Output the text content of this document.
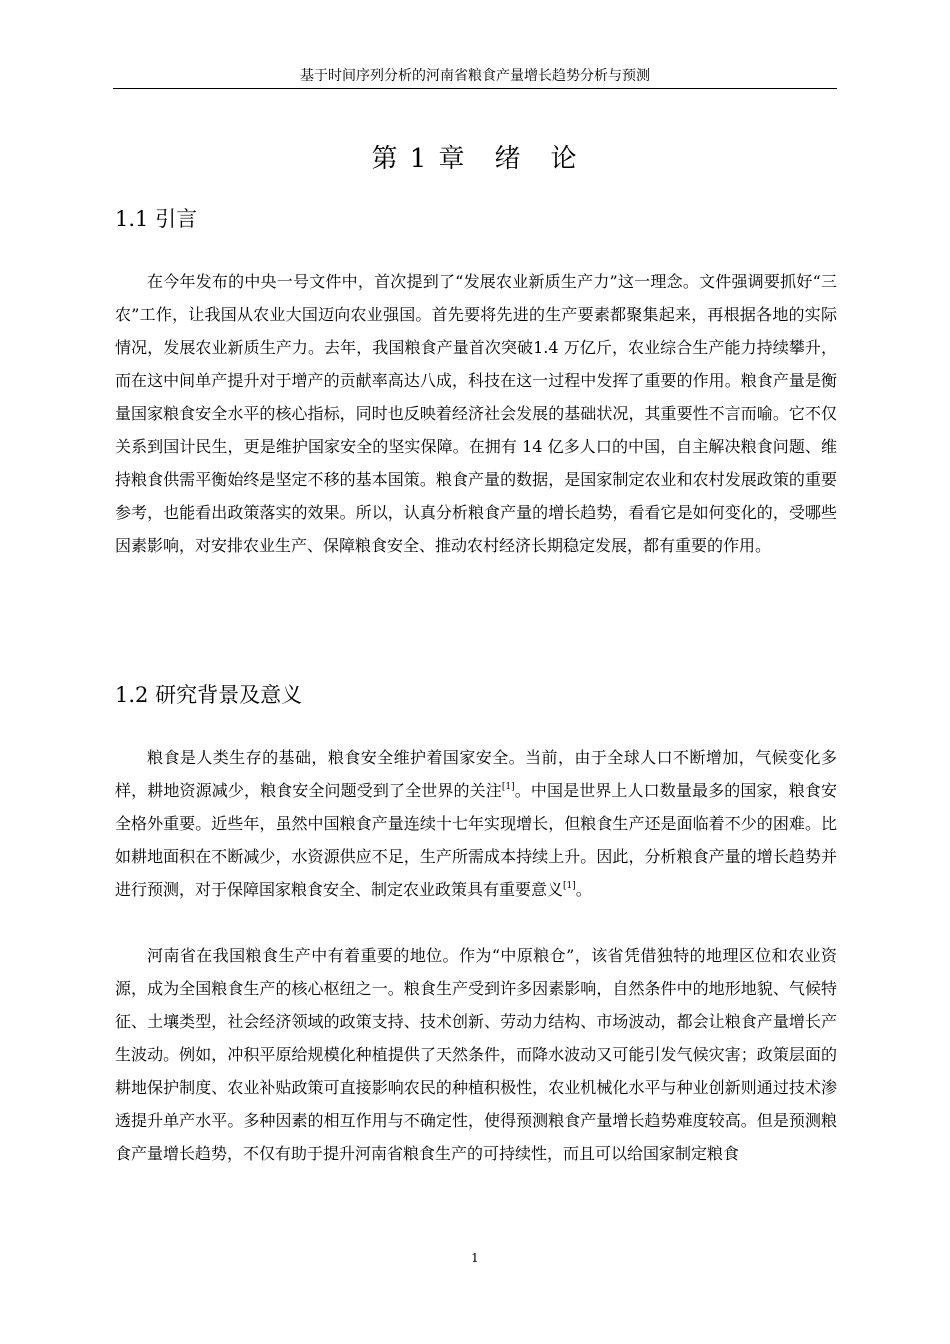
基于时间序列分析的河南省粮食产量增长趋势分析与预测
第 1 章 绪　论
1.1 引言

在今年发布的中央一号文件中，首次提到了“发展农业新质生产力”这一理念。文件强调要抓好“三农”工作，让我国从农业大国迈向农业强国。首先要将先进的生产要素都聚集起来，再根据各地的实际情况，发展农业新质生产力。去年，我国粮食产量首次突破1.4 万亿斤，农业综合生产能力持续攀升，而在这中间单产提升对于增产的贡献率高达八成，科技在这一过程中发挥了重要的作用。粮食产量是衡量国家粮食安全水平的核心指标，同时也反映着经济社会发展的基础状况，其重要性不言而喻。它不仅关系到国计民生，更是维护国家安全的坚实保障。在拥有 14 亿多人口的中国，自主解决粮食问题、维持粮食供需平衡始终是坚定不移的基本国策。粮食产量的数据，是国家制定农业和农村发展政策的重要参考，也能看出政策落实的效果。所以，认真分析粮食产量的增长趋势，看看它是如何变化的，受哪些因素影响，对安排农业生产、保障粮食安全、推动农村经济长期稳定发展，都有重要的作用。

1.2 研究背景及意义

粮食是人类生存的基础，粮食安全维护着国家安全。当前，由于全球人口不断增加，气候变化多样，耕地资源减少，粮食安全问题受到了全世界的关注[1]。中国是世界上人口数量最多的国家，粮食安全格外重要。近些年，虽然中国粮食产量连续十七年实现增长，但粮食生产还是面临着不少的困难。比如耕地面积在不断减少，水资源供应不足，生产所需成本持续上升。因此，分析粮食产量的增长趋势并进行预测，对于保障国家粮食安全、制定农业政策具有重要意义[1]。

河南省在我国粮食生产中有着重要的地位。作为“中原粮仓”，该省凭借独特的地理区位和农业资源，成为全国粮食生产的核心枢纽之一。粮食生产受到许多因素影响，自然条件中的地形地貌、气候特征、土壤类型，社会经济领域的政策支持、技术创新、劳动力结构、市场波动，都会让粮食产量增长产生波动。例如，冲积平原给规模化种植提供了天然条件，而降水波动又可能引发气候灾害；政策层面的耕地保护制度、农业补贴政策可直接影响农民的种植积极性，农业机械化水平与种业创新则通过技术渗透提升单产水平。多种因素的相互作用与不确定性，使得预测粮食产量增长趋势难度较高。但是预测粮食产量增长趋势，不仅有助于提升河南省粮食生产的可持续性，而且可以给国家制定粮食

1
